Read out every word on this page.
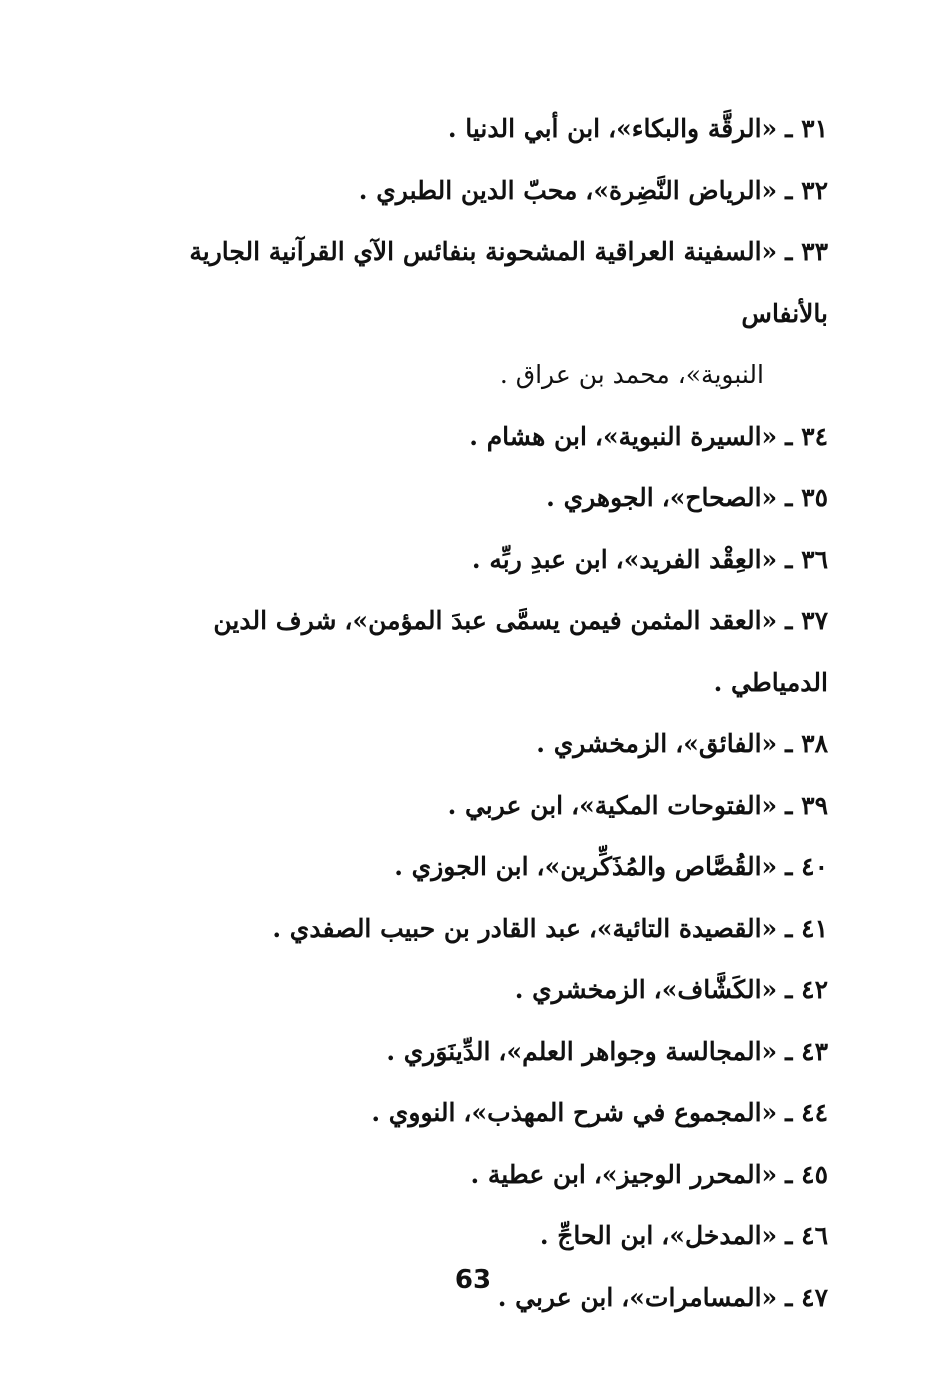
٣١ ـ «الرقَّة والبكاء»، ابن أبي الدنيا .
٣٢ ـ «الرياض النَّضِرة»، محبّ الدين الطبري .
٣٣ ـ «السفينة العراقية المشحونة بنفائس الآي القرآنية الجارية بالأنفاس
النبوية»، محمد بن عراق .
٣٤ ـ «السيرة النبوية»، ابن هشام .
٣٥ ـ «الصحاح»، الجوهري .
٣٦ ـ «العِقْد الفريد»، ابن عبدِ ربِّه .
٣٧ ـ «العقد المثمن فيمن يسمَّى عبدَ المؤمن»، شرف الدين الدمياطي .
٣٨ ـ «الفائق»، الزمخشري .
٣٩ ـ «الفتوحات المكية»، ابن عربي .
٤٠ ـ «القُصَّاص والمُذَكِّرين»، ابن الجوزي .
٤١ ـ «القصيدة التائية»، عبد القادر بن حبيب الصفدي .
٤٢ ـ «الكَشَّاف»، الزمخشري .
٤٣ ـ «المجالسة وجواهر العلم»، الدِّينَوَري .
٤٤ ـ «المجموع في شرح المهذب»، النووي .
٤٥ ـ «المحرر الوجيز»، ابن عطية .
٤٦ ـ «المدخل»، ابن الحاجِّ .
٤٧ ـ «المسامرات»، ابن عربي .
63
